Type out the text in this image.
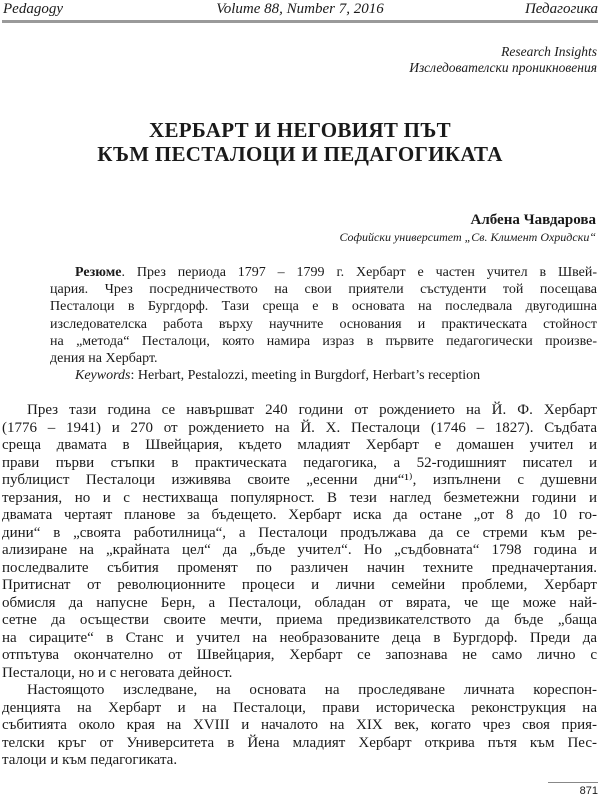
Pedagogy	Volume 88, Number 7, 2016	Педагогика
Research Insights
Изследователски проникновения
ХЕРБАРТ И НЕГОВИЯТ ПЪТ
КЪМ ПЕСТАЛОЦИ И ПЕДАГОГИКАТА
Албена Чавдарова
Софийски университет „Св. Климент Охридски“
Резюме. През периода 1797 – 1799 г. Хербарт е частен учител в Швей-
цария. Чрез посредничеството на свои приятели състуденти той посещава
Песталоци в Бургдорф. Тази среща е в основата на последвала двугодишна
изследователска работа върху научните основания и практическата стойност
на „метода“ Песталоци, която намира израз в първите педагогически произве-
дения на Хербарт.
Keywords: Herbart, Pestalozzi, meeting in Burgdorf, Herbart’s reception
През тази година се навършват 240 години от рождението на Й. Ф. Хербарт
(1776 – 1941) и 270 от рождението на Й. Х. Песталоци (1746 – 1827). Съдбата
среща двамата в Швейцария, където младият Хербарт е домашен учител и
прави първи стъпки в практическата педагогика, а 52-годишният писател и
публицист Песталоци изживява своите „есенни дни“¹⁾, изпълнени с душевни
терзания, но и с нестихваща популярност. В тези наглед безметежни години и
двамата чертаят планове за бъдещето. Хербарт иска да остане „от 8 до 10 го-
дини“ в „своята работилница“, а Песталоци продължава да се стреми към ре-
ализиране на „крайната цел“ да „бъде учител“. Но „съдбовната“ 1798 година и
последвалите събития променят по различен начин техните предначертания.
Притиснат от революционните процеси и лични семейни проблеми, Хербарт
обмисля да напусне Берн, а Песталоци, обладан от вярата, че ще може най-
сетне да осъществи своите мечти, приема предизвикателството да бъде „баща
на сираците“ в Станс и учител на необразованите деца в Бургдорф. Преди да
отпътува окончателно от Швейцария, Хербарт се запознава не само лично с
Песталоци, но и с неговата дейност.
Настоящото изследване, на основата на проследяване личната кореспон-
денцията на Хербарт и на Песталоци, прави историческа реконструкция на
събитията около края на XVIII и началото на XIX век, когато чрез своя прия-
телски кръг от Университета в Йена младият Хербарт открива пътя към Пес-
талоци и към педагогиката.
871
